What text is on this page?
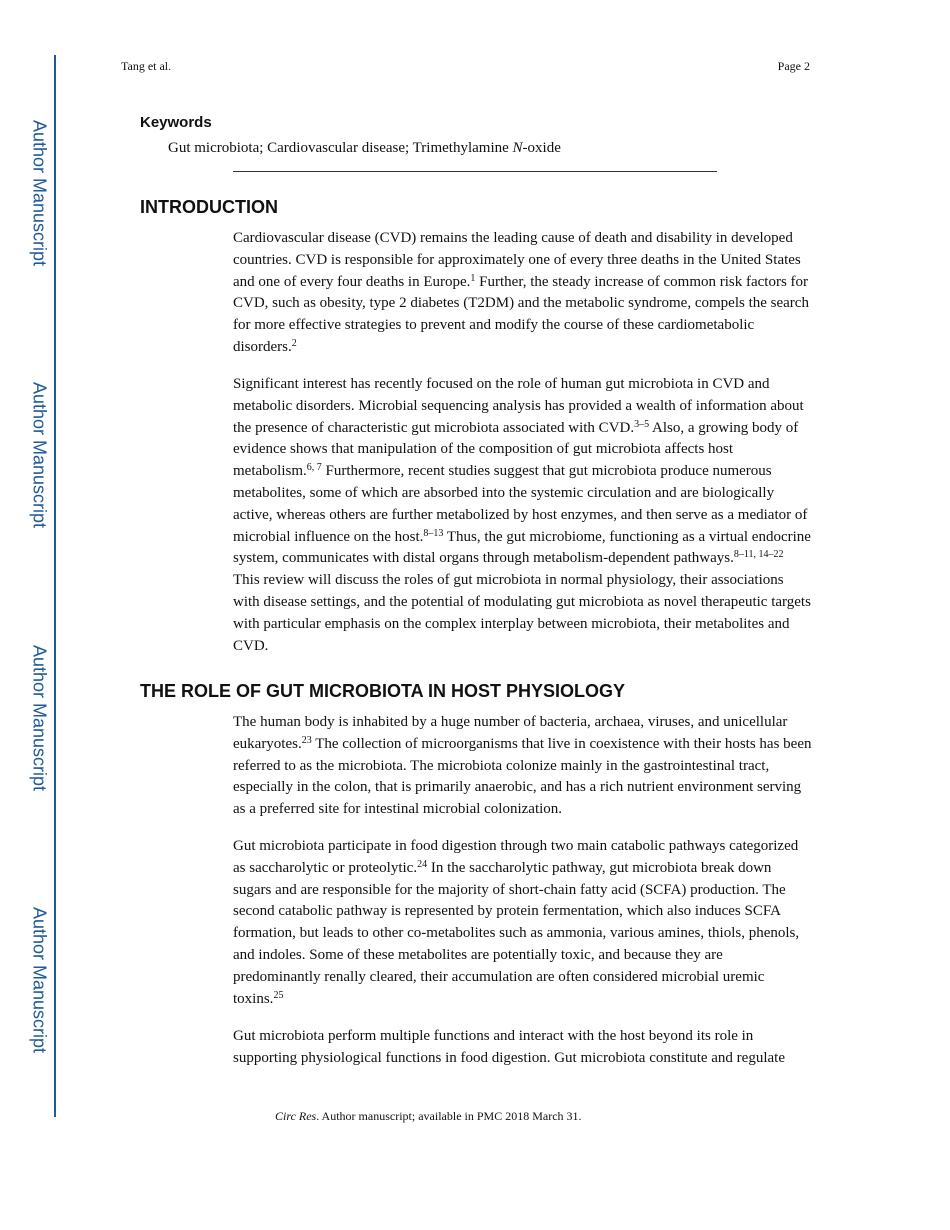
Author Manuscript
Author Manuscript
Author Manuscript
Author Manuscript
Tang et al.	Page 2
Keywords
Gut microbiota; Cardiovascular disease; Trimethylamine N-oxide
INTRODUCTION

Cardiovascular disease (CVD) remains the leading cause of death and disability in developed countries. CVD is responsible for approximately one of every three deaths in the United States and one of every four deaths in Europe.$^1$ Further, the steady increase of common risk factors for CVD, such as obesity, type 2 diabetes (T2DM) and the metabolic syndrome, compels the search for more effective strategies to prevent and modify the course of these cardiometabolic disorders.$^2$

Significant interest has recently focused on the role of human gut microbiota in CVD and metabolic disorders. Microbial sequencing analysis has provided a wealth of information about the presence of characteristic gut microbiota associated with CVD.$^{3-5}$ Also, a growing body of evidence shows that manipulation of the composition of gut microbiota affects host metabolism.$^{6, 7}$ Furthermore, recent studies suggest that gut microbiota produce numerous metabolites, some of which are absorbed into the systemic circulation and are biologically active, whereas others are further metabolized by host enzymes, and then serve as a mediator of microbial influence on the host.$^{8-13}$ Thus, the gut microbiome, functioning as a virtual endocrine system, communicates with distal organs through metabolism-dependent pathways.$^{8-11, 14-22}$ This review will discuss the roles of gut microbiota in normal physiology, their associations with disease settings, and the potential of modulating gut microbiota as novel therapeutic targets with particular emphasis on the complex interplay between microbiota, their metabolites and CVD.

THE ROLE OF GUT MICROBIOTA IN HOST PHYSIOLOGY

The human body is inhabited by a huge number of bacteria, archaea, viruses, and unicellular eukaryotes.$^{23}$ The collection of microorganisms that live in coexistence with their hosts has been referred to as the microbiota. The microbiota colonize mainly in the gastrointestinal tract, especially in the colon, that is primarily anaerobic, and has a rich nutrient environment serving as a preferred site for intestinal microbial colonization.

Gut microbiota participate in food digestion through two main catabolic pathways categorized as saccharolytic or proteolytic.$^{24}$ In the saccharolytic pathway, gut microbiota break down sugars and are responsible for the majority of short-chain fatty acid (SCFA) production. The second catabolic pathway is represented by protein fermentation, which also induces SCFA formation, but leads to other co-metabolites such as ammonia, various amines, thiols, phenols, and indoles. Some of these metabolites are potentially toxic, and because they are predominantly renally cleared, their accumulation are often considered microbial uremic toxins.$^{25}$

Gut microbiota perform multiple functions and interact with the host beyond its role in supporting physiological functions in food digestion. Gut microbiota constitute and regulate

Circ Res. Author manuscript; available in PMC 2018 March 31.
